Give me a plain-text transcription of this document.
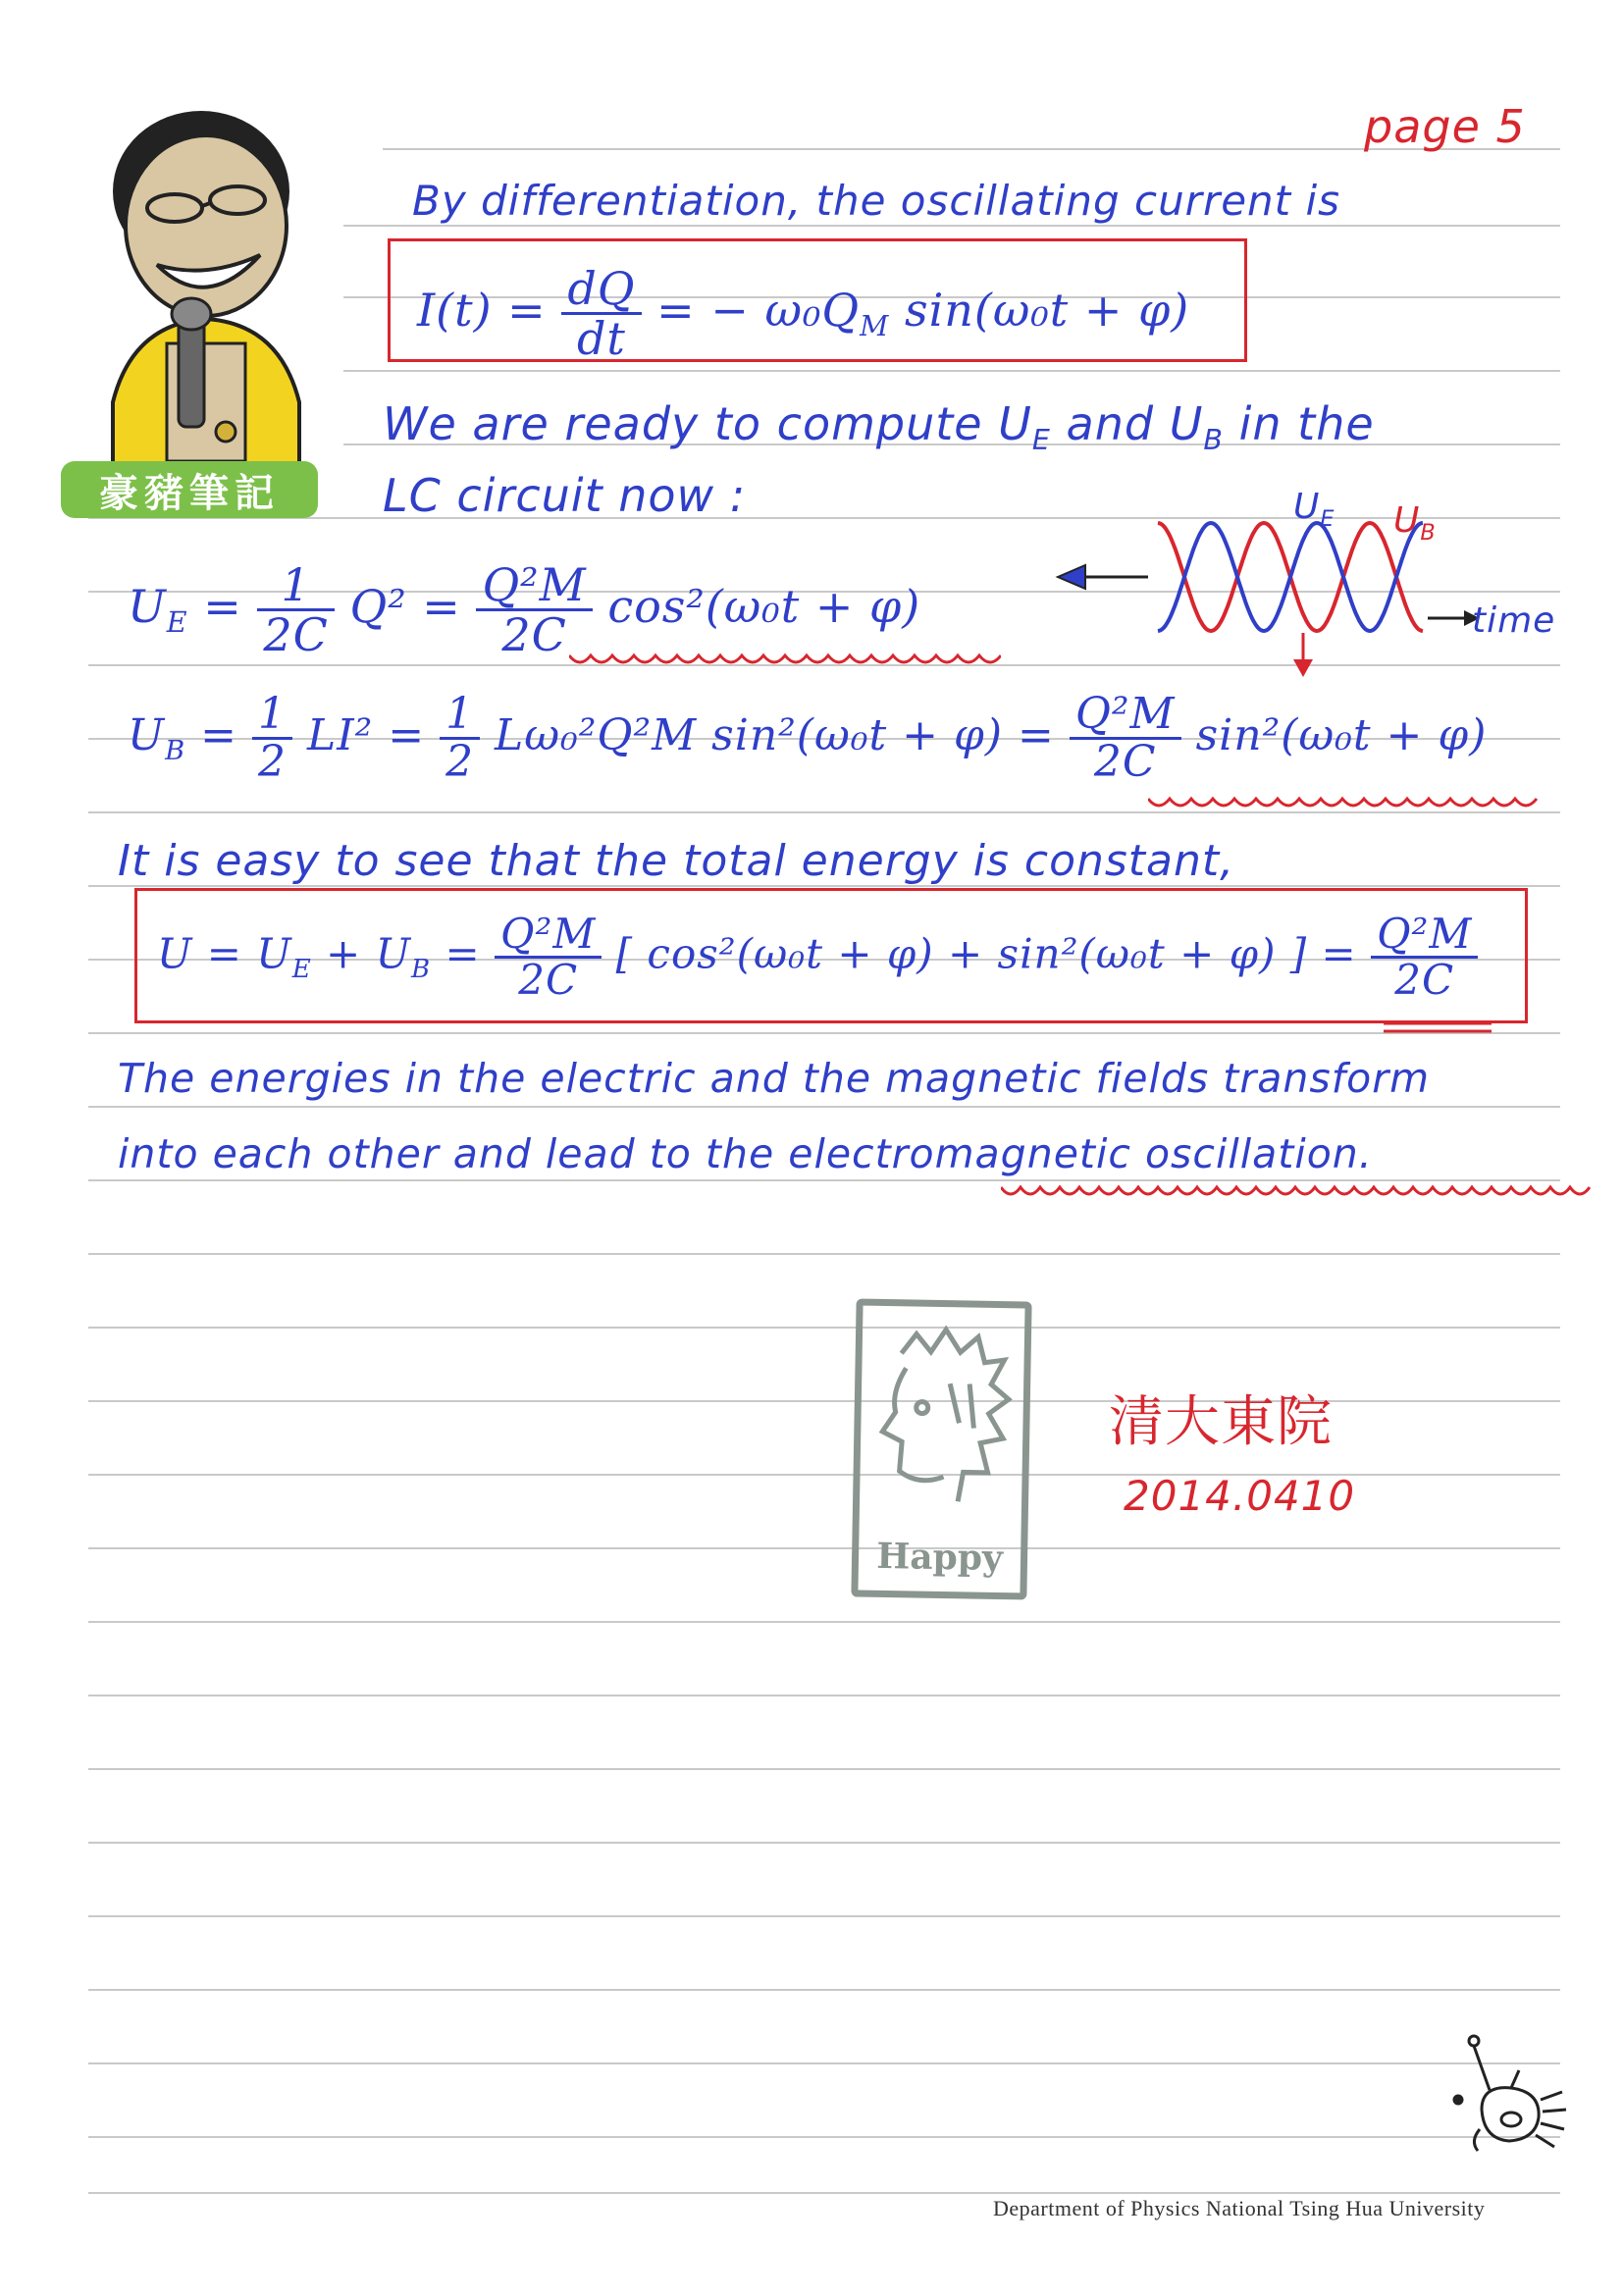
豪豬筆記
page 5
By differentiation, the oscillating current is
$I(t) = \frac{dQ}{dt}$ = − $\omega_0Q_M$ sin(ω₀t + φ)
We are ready to compute $U_E$ and $U_B$ in the
LC circuit now :
$U_E = \frac{1}{2C} Q^2 = \frac{\text{Q²M}}{2C} \cos^2(\omega_0t + \varphi)$
$U_E$ $U_B$
time
$U_B = \frac{1}{2} LI^2 = \frac{1}{2} L\omega_0^2Q^2M$ $\sin^2(\omega_0t + \varphi) = \frac{\text{Q²M}}{2C} \sin^2(\omega_0t + \varphi)$
It is easy to see that the total energy is constant,
$U = U_E + U_B = \frac{\text{Q²M}}{2C}$ [ cos²(ω₀t + φ) + sin²(ω₀t + φ) ] = $\frac{\text{Q²M}}{2C}$
The energies in the electric and the magnetic fields transform
into each other and lead to the electromagnetic oscillation.
Happy
清大東院
2014.0410
Department of Physics National Tsing Hua University
